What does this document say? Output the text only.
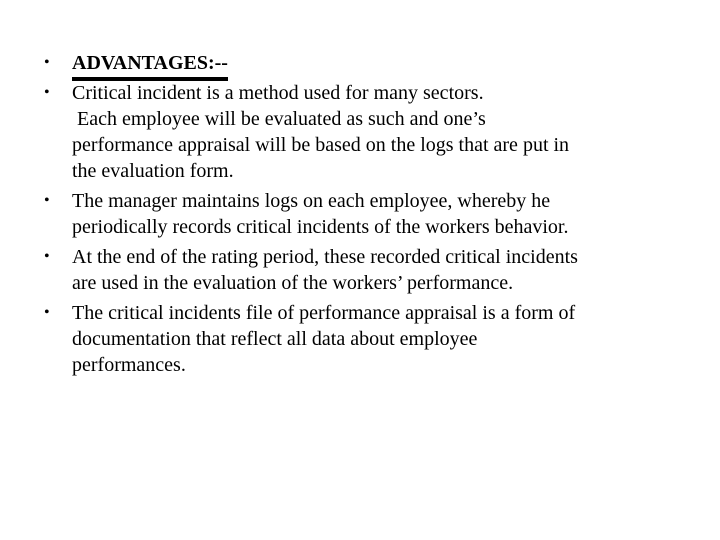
•	ADVANTAGES:--
•	Critical incident is a method used for many sectors.
Each employee will be evaluated as such and one’s
performance appraisal will be based on the logs that are put in
the evaluation form.
•	The manager maintains logs on each employee, whereby he
periodically records critical incidents of the workers behavior.
•	At the end of the rating period, these recorded critical incidents
are used in the evaluation of the workers’ performance.
•	The critical incidents file of performance appraisal is a form of
documentation that reflect all data about employee
performances.
